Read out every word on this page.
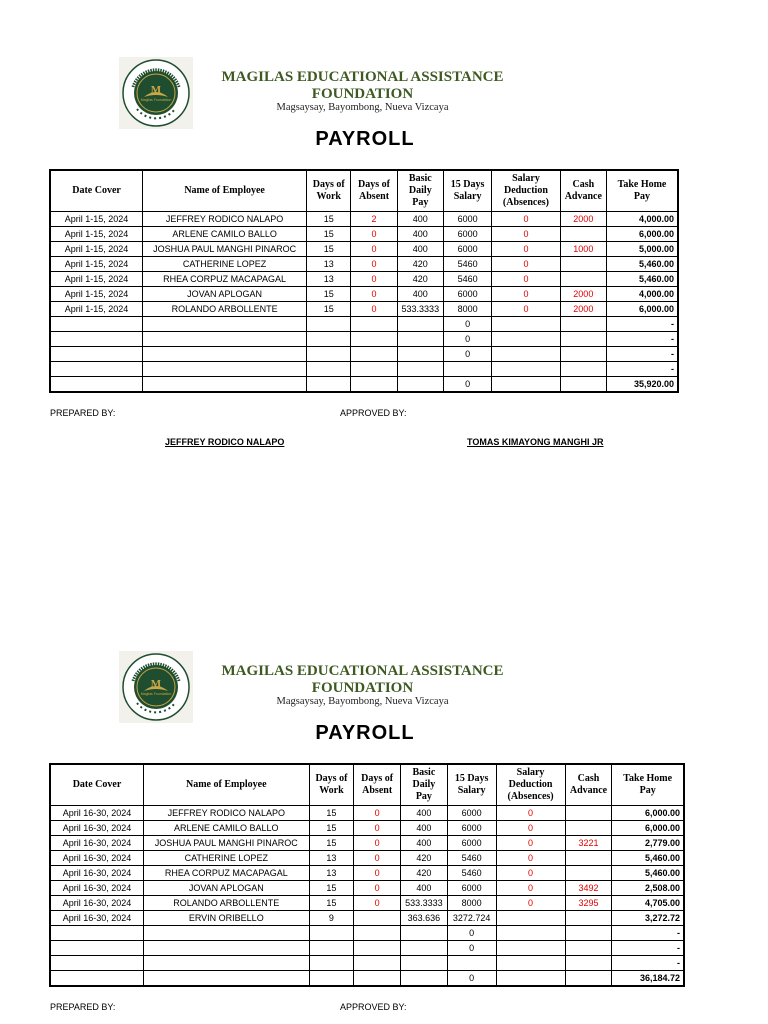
M
Magilas Foundation
MAGILAS EDUCATIONAL ASSISTANCE
FOUNDATION
Magsaysay, Bayombong, Nueva Vizcaya
PAYROLL
Date Cover	Name of Employee	Days of Work	Days of Absent	Basic Daily Pay	15 Days Salary	Salary Deduction (Absences)	Cash Advance	Take Home Pay
April 1-15, 2024	JEFFREY RODICO NALAPO	15	2	400	6000	0	2000	4,000.00
April 1-15, 2024	ARLENE CAMILO BALLO	15	0	400	6000	0		6,000.00
April 1-15, 2024	JOSHUA PAUL MANGHI PINAROC	15	0	400	6000	0	1000	5,000.00
April 1-15, 2024	CATHERINE LOPEZ	13	0	420	5460	0		5,460.00
April 1-15, 2024	RHEA CORPUZ MACAPAGAL	13	0	420	5460	0		5,460.00
April 1-15, 2024	JOVAN APLOGAN	15	0	400	6000	0	2000	4,000.00
April 1-15, 2024	ROLANDO ARBOLLENTE	15	0	533.3333	8000	0	2000	6,000.00
					0			-
					0			-
					0			-
								-
					0			35,920.00
PREPARED BY:	APPROVED BY:
JEFFREY RODICO NALAPO	TOMAS KIMAYONG MANGHI JR
M
Magilas Foundation
MAGILAS EDUCATIONAL ASSISTANCE
FOUNDATION
Magsaysay, Bayombong, Nueva Vizcaya
PAYROLL
Date Cover	Name of Employee	Days of Work	Days of Absent	Basic Daily Pay	15 Days Salary	Salary Deduction (Absences)	Cash Advance	Take Home Pay
April 16-30, 2024	JEFFREY RODICO NALAPO	15	0	400	6000	0		6,000.00
April 16-30, 2024	ARLENE CAMILO BALLO	15	0	400	6000	0		6,000.00
April 16-30, 2024	JOSHUA PAUL MANGHI PINAROC	15	0	400	6000	0	3221	2,779.00
April 16-30, 2024	CATHERINE LOPEZ	13	0	420	5460	0		5,460.00
April 16-30, 2024	RHEA CORPUZ MACAPAGAL	13	0	420	5460	0		5,460.00
April 16-30, 2024	JOVAN APLOGAN	15	0	400	6000	0	3492	2,508.00
April 16-30, 2024	ROLANDO ARBOLLENTE	15	0	533.3333	8000	0	3295	4,705.00
April 16-30, 2024	ERVIN ORIBELLO	9		363.636	3272.724			3,272.72
					0			-
					0			-
								-
					0			36,184.72
PREPARED BY:	APPROVED BY:
